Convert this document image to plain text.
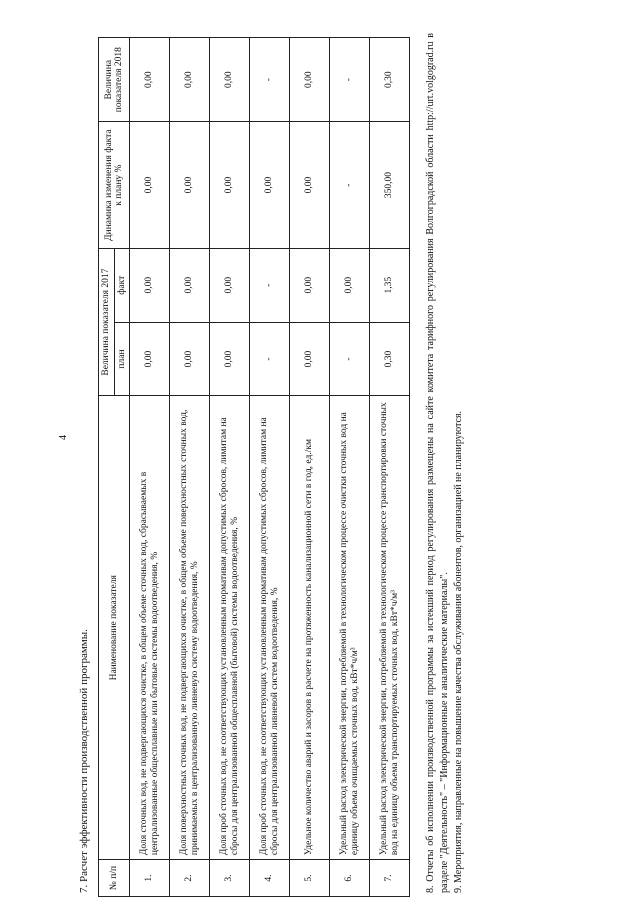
4
7. Расчет эффективности производственной программы. № п/п	Наименование показателя	Величина показателя 2017		Динамика изменения факта к плану %	Величина показателя 2018
		план	факт		
1.	Доля сточных вод, не подвергающихся очистке, в общем объеме сточных вод, сбрасываемых в централизованные общесплавные или бытовые системы водоотведения, %	0,00	0,00	0,00	0,00
2.	Доля поверхностных сточных вод, не подвергающихся очистке, в общем объеме поверхностных сточных вод, принимаемых в централизованную ливневую систему водоотведения, %	0,00	0,00	0,00	0,00
3.	Доля проб сточных вод, не соответствующих установленным нормативам допустимых сбросов, лимитам на сбросы для централизованной общесплавной (бытовой) системы водоотведения, %	0,00	0,00	0,00	0,00
4.	Доля проб сточных вод, не соответствующих установленным нормативам допустимых сбросов, лимитам на сбросы для централизованной ливневой систем водоотведения, %	-	-	0,00	-
5.	Удельное количество аварий и засоров в расчете на протяженность канализационной сети в год, ед./км	0,00	0,00	0,00	0,00
6.	Удельный расход электрической энергии, потребляемой в технологическом процессе очистки сточных вод на единицу объема очищаемых сточных вод, кВт*ч/м³	-	0,00	-	-
7.	Удельный расход электрической энергии, потребляемой в технологическом процессе транспортировки сточных вод на единицу объема транспортируемых сточных вод, кВт*ч/м³	0,30	1,35	350,00	0,30	8. Отчеты об исполнении производственной программы за истекший период регулирования размещены на сайте комитета тарифного регулирования Волгоградской области http://urt.volgograd.ru в разделе "Деятельность" – "Информационные и аналитические материалы". 9. Мероприятия, направленные на повышение качества обслуживания абонентов, организацией не планируются.
